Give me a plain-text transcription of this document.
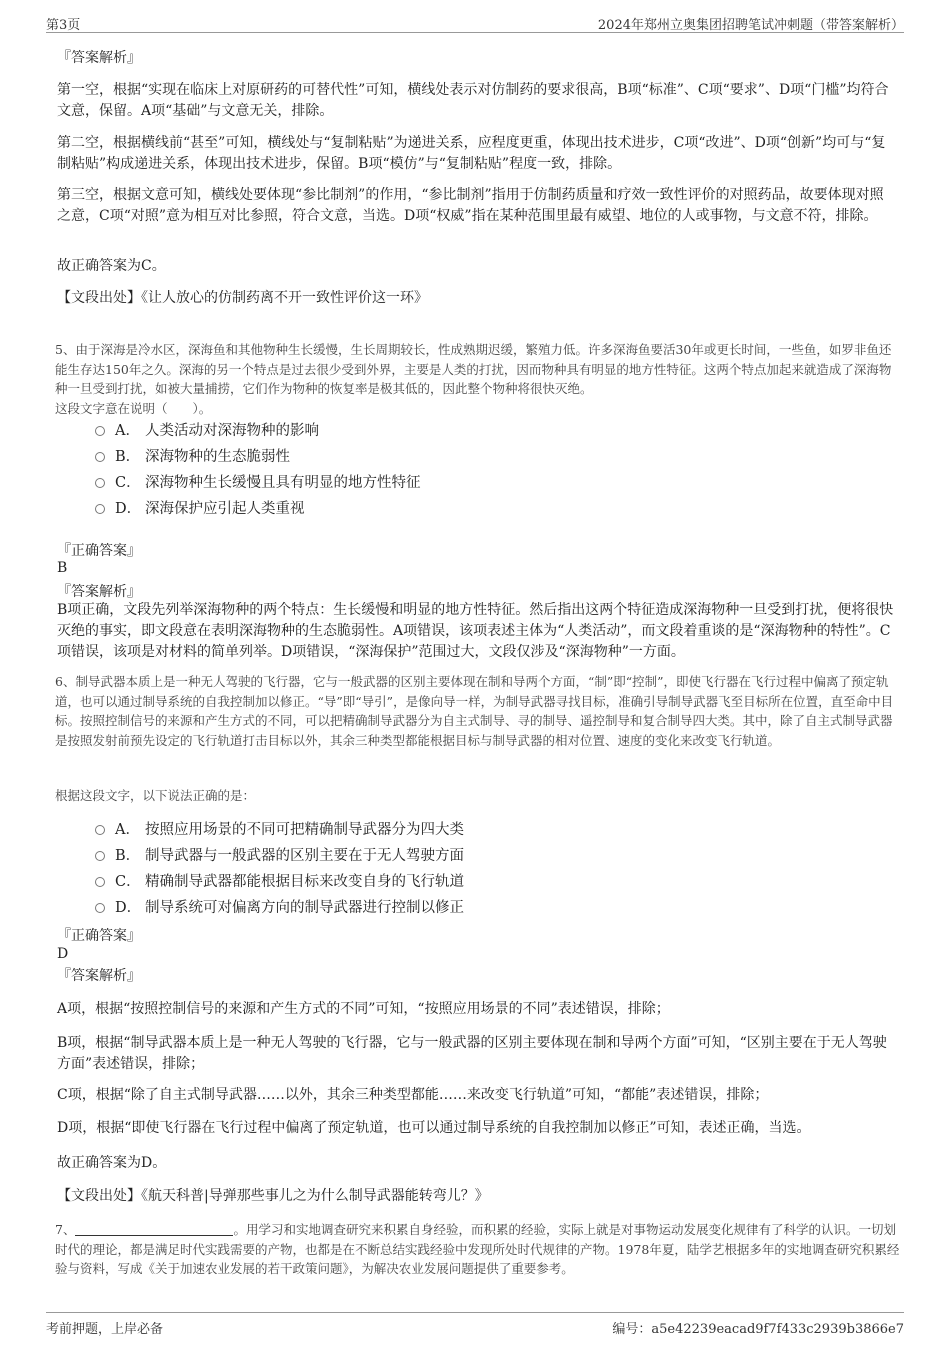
第3页	2024年郑州立奥集团招聘笔试冲刺题（带答案解析）
『答案解析』
第一空，根据“实现在临床上对原研药的可替代性”可知，横线处表示对仿制药的要求很高，B项“标准”、C项“要求”、D项“门槛”均符合文意，保留。A项“基础”与文意无关，排除。
第二空，根据横线前“甚至”可知，横线处与“复制粘贴”为递进关系，应程度更重，体现出技术进步，C项“改进”、D项“创新”均可与“复制粘贴”构成递进关系，体现出技术进步，保留。B项“模仿”与“复制粘贴”程度一致，排除。
第三空，根据文意可知，横线处要体现“参比制剂”的作用，“参比制剂”指用于仿制药质量和疗效一致性评价的对照药品，故要体现对照之意，C项“对照”意为相互对比参照，符合文意，当选。D项“权威”指在某种范围里最有威望、地位的人或事物，与文意不符，排除。
故正确答案为C。
【文段出处】《让人放心的仿制药离不开一致性评价这一环》
5、由于深海是冷水区，深海鱼和其他物种生长缓慢，生长周期较长，性成熟期迟缓，繁殖力低。许多深海鱼要活30年或更长时间，一些鱼，如罗非鱼还能生存达150年之久。深海的另一个特点是过去很少受到外界，主要是人类的打扰，因而物种具有明显的地方性特征。这两个特点加起来就造成了深海物种一旦受到打扰，如被大量捕捞，它们作为物种的恢复率是极其低的，因此整个物种将很快灭绝。
这段文字意在说明（　　）。
A． 人类活动对深海物种的影响
B． 深海物种的生态脆弱性
C． 深海物种生长缓慢且具有明显的地方性特征
D． 深海保护应引起人类重视
『正确答案』
B
『答案解析』
B项正确，文段先列举深海物种的两个特点：生长缓慢和明显的地方性特征。然后指出这两个特征造成深海物种一旦受到打扰，便将很快灭绝的事实，即文段意在表明深海物种的生态脆弱性。A项错误，该项表述主体为“人类活动”，而文段着重谈的是“深海物种的特性”。C项错误，该项是对材料的简单列举。D项错误，“深海保护”范围过大，文段仅涉及“深海物种”一方面。
6、制导武器本质上是一种无人驾驶的飞行器，它与一般武器的区别主要体现在制和导两个方面，“制”即“控制”，即使飞行器在飞行过程中偏离了预定轨道，也可以通过制导系统的自我控制加以修正。“导”即“导引”，是像向导一样，为制导武器寻找目标，准确引导制导武器飞至目标所在位置，直至命中目标。按照控制信号的来源和产生方式的不同，可以把精确制导武器分为自主式制导、寻的制导、遥控制导和复合制导四大类。其中，除了自主式制导武器是按照发射前预先设定的飞行轨道打击目标以外，其余三种类型都能根据目标与制导武器的相对位置、速度的变化来改变飞行轨道。
根据这段文字，以下说法正确的是：
A． 按照应用场景的不同可把精确制导武器分为四大类
B． 制导武器与一般武器的区别主要在于无人驾驶方面
C． 精确制导武器都能根据目标来改变自身的飞行轨道
D． 制导系统可对偏离方向的制导武器进行控制以修正
『正确答案』
D
『答案解析』
A项，根据“按照控制信号的来源和产生方式的不同”可知，“按照应用场景的不同”表述错误，排除；
B项，根据“制导武器本质上是一种无人驾驶的飞行器，它与一般武器的区别主要体现在制和导两个方面”可知，“区别主要在于无人驾驶方面”表述错误，排除；
C项，根据“除了自主式制导武器……以外，其余三种类型都能……来改变飞行轨道”可知，“都能”表述错误，排除；
D项，根据“即使飞行器在飞行过程中偏离了预定轨道，也可以通过制导系统的自我控制加以修正”可知，表述正确，当选。
故正确答案为D。
【文段出处】《航天科普|导弹那些事儿之为什么制导武器能转弯儿？》
7、	。用学习和实地调查研究来积累自身经验，而积累的经验，实际上就是对事物运动发展变化规律有了科学的认识。一切划时代的理论，都是满足时代实践需要的产物，也都是在不断总结实践经验中发现所处时代规律的产物。1978年夏，陆学艺根据多年的实地调查研究积累经验与资料，写成《关于加速农业发展的若干政策问题》，为解决农业发展问题提供了重要参考。
考前押题，上岸必备	编号：a5e42239eacad9f7f433c2939b3866e7
